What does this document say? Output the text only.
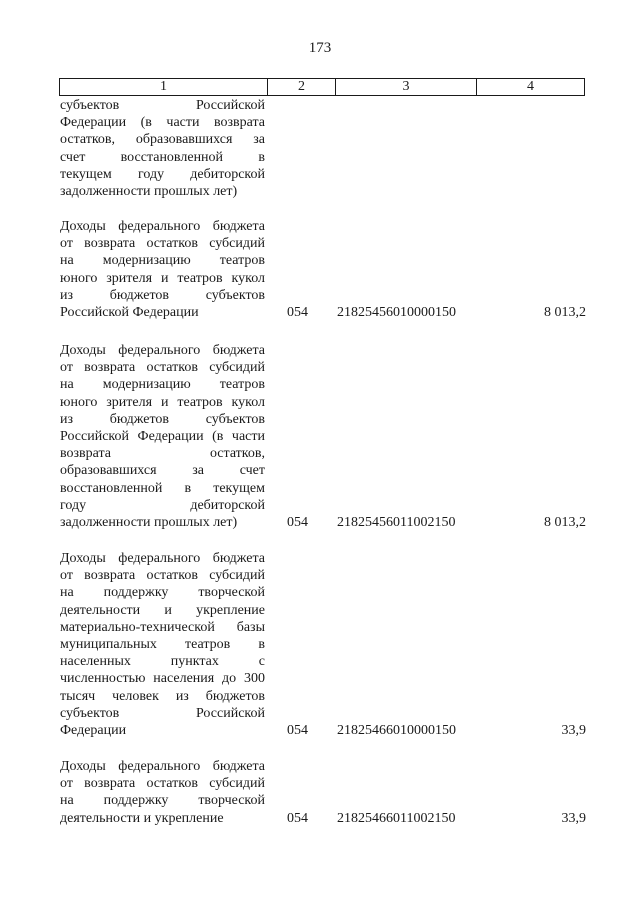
173
1	2	3	4
субъектов Российской
Федерации (в части возврата
остатков, образовавшихся за
счет восстановленной в
текущем году дебиторской
задолженности прошлых лет)
Доходы федерального бюджета
от возврата остатков субсидий
на модернизацию театров
юного зрителя и театров кукол
из бюджетов субъектов
Российской Федерации	054 21825456010000150	8 013,2
Доходы федерального бюджета
от возврата остатков субсидий
на модернизацию театров
юного зрителя и театров кукол
из бюджетов субъектов
Российской Федерации (в части
возврата остатков,
образовавшихся за счет
восстановленной в текущем
году дебиторской
задолженности прошлых лет)	054 21825456011002150	8 013,2
Доходы федерального бюджета
от возврата остатков субсидий
на поддержку творческой
деятельности и укрепление
материально-технической базы
муниципальных театров в
населенных пунктах с
численностью населения до 300
тысяч человек из бюджетов
субъектов Российской
Федерации	054 21825466010000150	33,9
Доходы федерального бюджета
от возврата остатков субсидий
на поддержку творческой
деятельности и укрепление	054 21825466011002150	33,9
